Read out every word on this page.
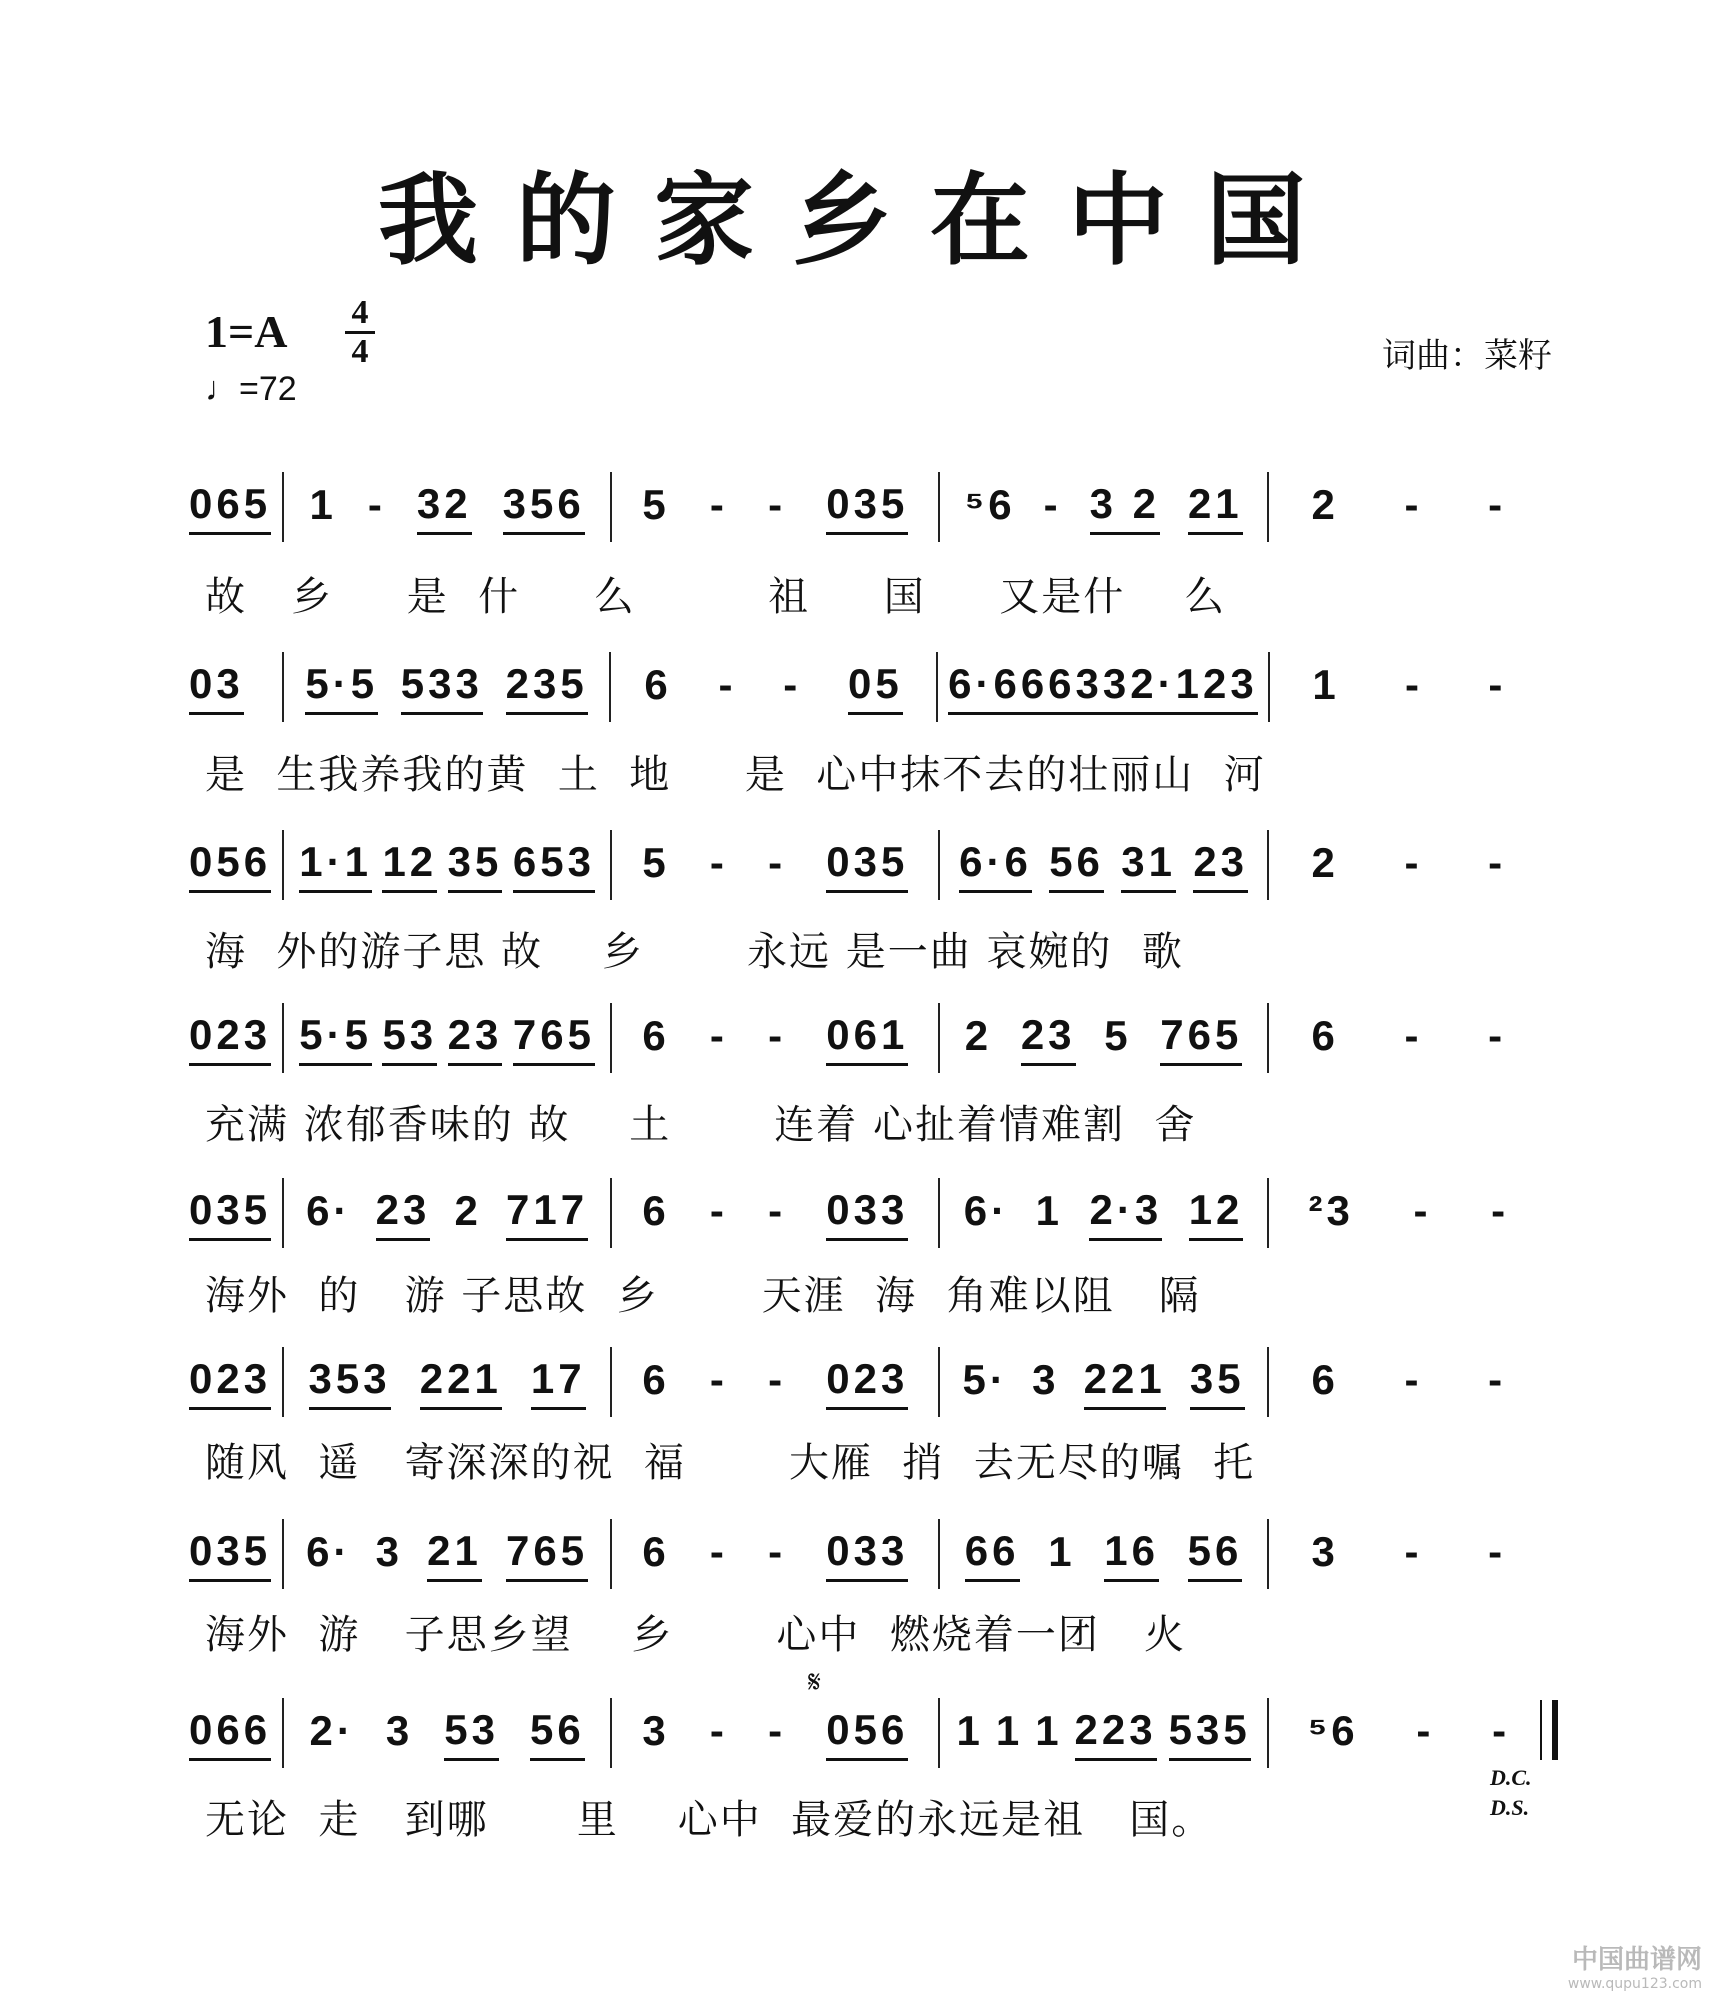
我的家乡在中国
1=A 4
4
♩=72
词曲：菜籽
065 1 - 32 356 5 - - 035 ⁵6 - 3 2 21 2 - -
故   乡     是  什     么         祖     国     又是什    么
03 5·5 533 235 6 - - 05 6·6 6633 2·1 23 1 - -
是  生我养我的黄  土  地     是  心中抹不去的壮丽山  河
056 1·1 12 35 653 5 - - 035 6·6 56 31 23 2 - -
海  外的游子思 故    乡       永远 是一曲 哀婉的  歌
023 5·5 53 23 765 6 - - 061 2 23 5 765 6 - -
充满 浓郁香味的 故    土       连着 心扯着情难割  舍
035 6· 23 2 717 6 - - 033 6· 1 2·3 12 ²3 - -
海外  的   游 子思故  乡       天涯  海  角难以阻   隔
023 353 221 17 6 - - 023 5· 3 221 35 6 - -
随风  遥   寄深深的祝  福       大雁  捎  去无尽的嘱  托
035 6· 3 21 765 6 - - 033 66 1 16 56 3 - -
海外  游   子思乡望    乡       心中  燃烧着一团   火
066 2· 3 53 56 3 - - 056 1 1 1 223 535 ⁵6 - -
无论  走   到哪      里    心中  最爱的永远是祖   国。
𝄋
D.C.
D.S.
中国曲谱网
www.qupu123.com
